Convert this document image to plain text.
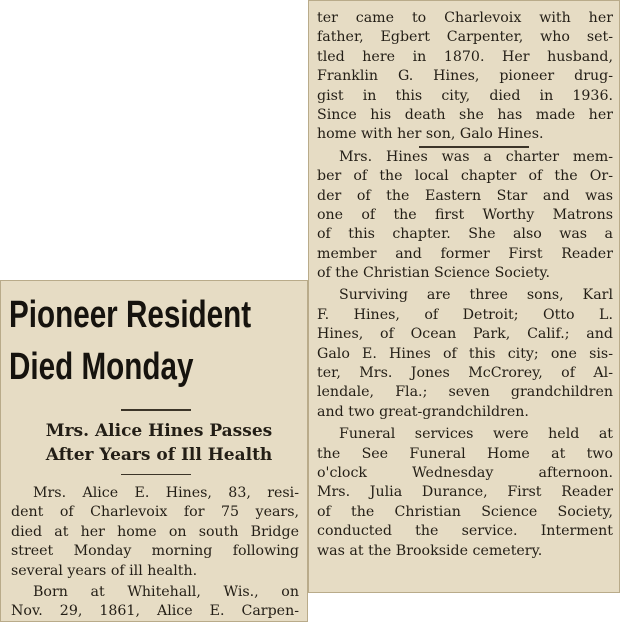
Pioneer Resident
Died Monday
Mrs. Alice Hines Passes
After Years of Ill Health
Mrs. Alice E. Hines, 83, resi-
dent of Charlevoix for 75 years,
died at her home on south Bridge
street Monday morning following
several years of ill health.
Born at Whitehall, Wis., on
Nov. 29, 1861, Alice E. Carpen-
ter came to Charlevoix with her
father, Egbert Carpenter, who set-
tled here in 1870. Her husband,
Franklin G. Hines, pioneer drug-
gist in this city, died in 1936.
Since his death she has made her
home with her son, Galo Hines.
Mrs. Hines was a charter mem-
ber of the local chapter of the Or-
der of the Eastern Star and was
one of the first Worthy Matrons
of this chapter. She also was a
member and former First Reader
of the Christian Science Society.
Surviving are three sons, Karl
F. Hines, of Detroit; Otto L.
Hines, of Ocean Park, Calif.; and
Galo E. Hines of this city; one sis-
ter, Mrs. Jones McCrorey, of Al-
lendale, Fla.; seven grandchildren
and two great-grandchildren.
Funeral services were held at
the See Funeral Home at two
o'clock Wednesday afternoon.
Mrs. Julia Durance, First Reader
of the Christian Science Society,
conducted the service. Interment
was at the Brookside cemetery.
